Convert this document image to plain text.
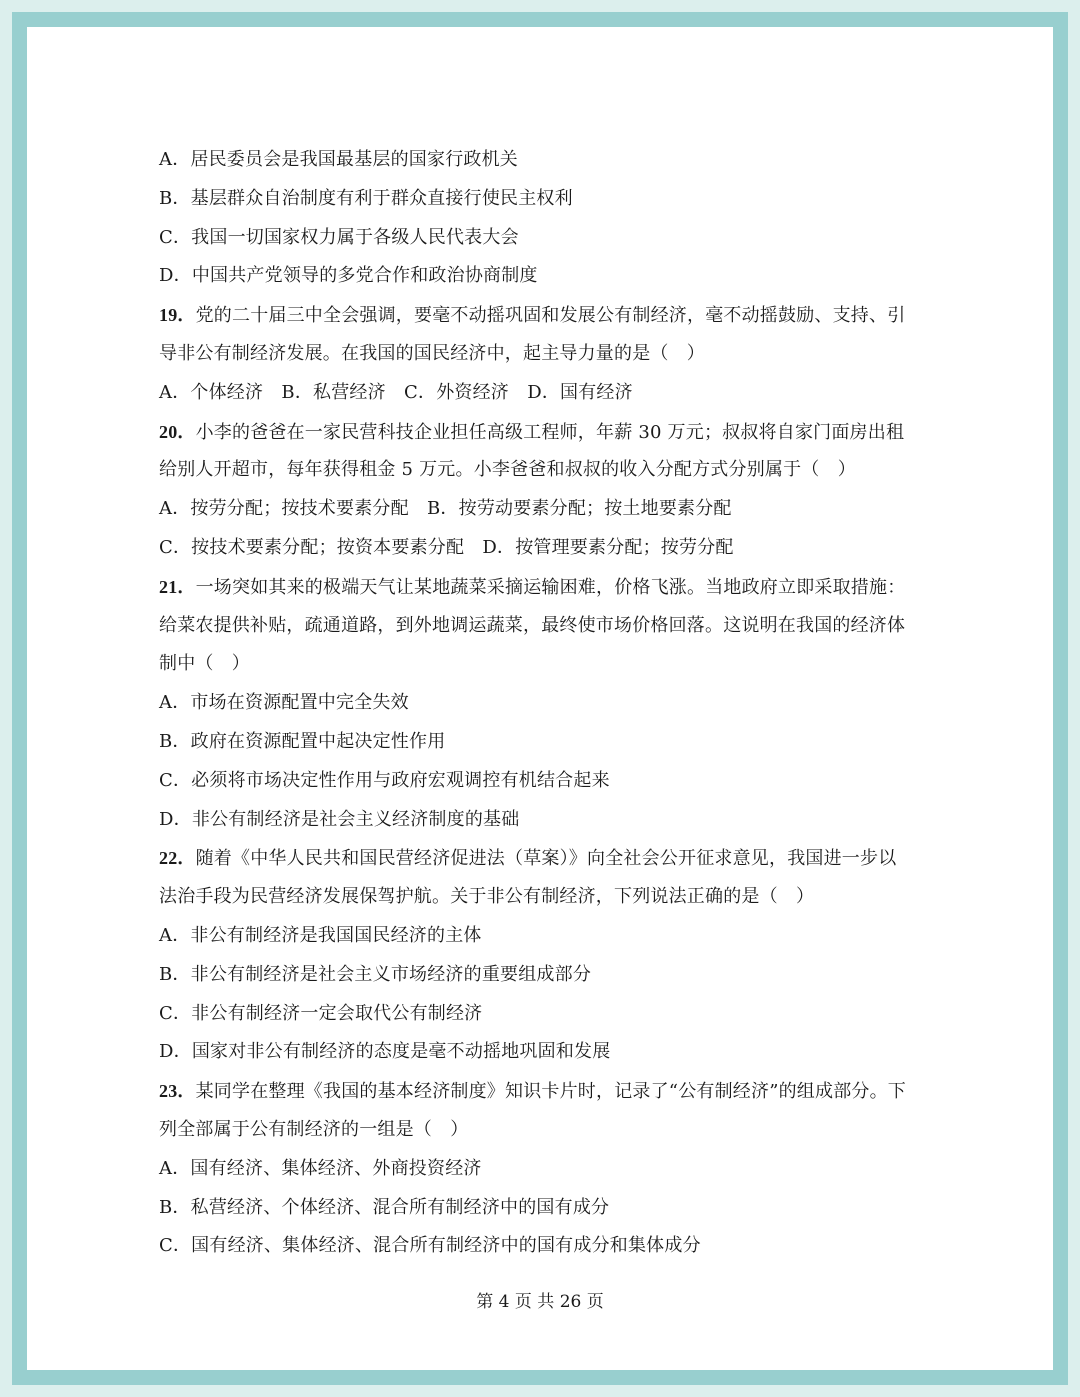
A．居民委员会是我国最基层的国家行政机关
B．基层群众自治制度有利于群众直接行使民主权利
C．我国一切国家权力属于各级人民代表大会
D．中国共产党领导的多党合作和政治协商制度
19．党的二十届三中全会强调，要毫不动摇巩固和发展公有制经济，毫不动摇鼓励、支持、引
导非公有制经济发展。在我国的国民经济中，起主导力量的是（　）
A．个体经济　B．私营经济　C．外资经济　D．国有经济
20．小李的爸爸在一家民营科技企业担任高级工程师，年薪 30 万元；叔叔将自家门面房出租
给别人开超市，每年获得租金 5 万元。小李爸爸和叔叔的收入分配方式分别属于（　）
A．按劳分配；按技术要素分配　B．按劳动要素分配；按土地要素分配
C．按技术要素分配；按资本要素分配　D．按管理要素分配；按劳分配
21．一场突如其来的极端天气让某地蔬菜采摘运输困难，价格飞涨。当地政府立即采取措施：
给菜农提供补贴，疏通道路，到外地调运蔬菜，最终使市场价格回落。这说明在我国的经济体
制中（　）
A．市场在资源配置中完全失效
B．政府在资源配置中起决定性作用
C．必须将市场决定性作用与政府宏观调控有机结合起来
D．非公有制经济是社会主义经济制度的基础
22．随着《中华人民共和国民营经济促进法（草案）》向全社会公开征求意见，我国进一步以
法治手段为民营经济发展保驾护航。关于非公有制经济，下列说法正确的是（　）
A．非公有制经济是我国国民经济的主体
B．非公有制经济是社会主义市场经济的重要组成部分
C．非公有制经济一定会取代公有制经济
D．国家对非公有制经济的态度是毫不动摇地巩固和发展
23．某同学在整理《我国的基本经济制度》知识卡片时，记录了“公有制经济”的组成部分。下
列全部属于公有制经济的一组是（　）
A．国有经济、集体经济、外商投资经济
B．私营经济、个体经济、混合所有制经济中的国有成分
C．国有经济、集体经济、混合所有制经济中的国有成分和集体成分
第 4 页 共 26 页
